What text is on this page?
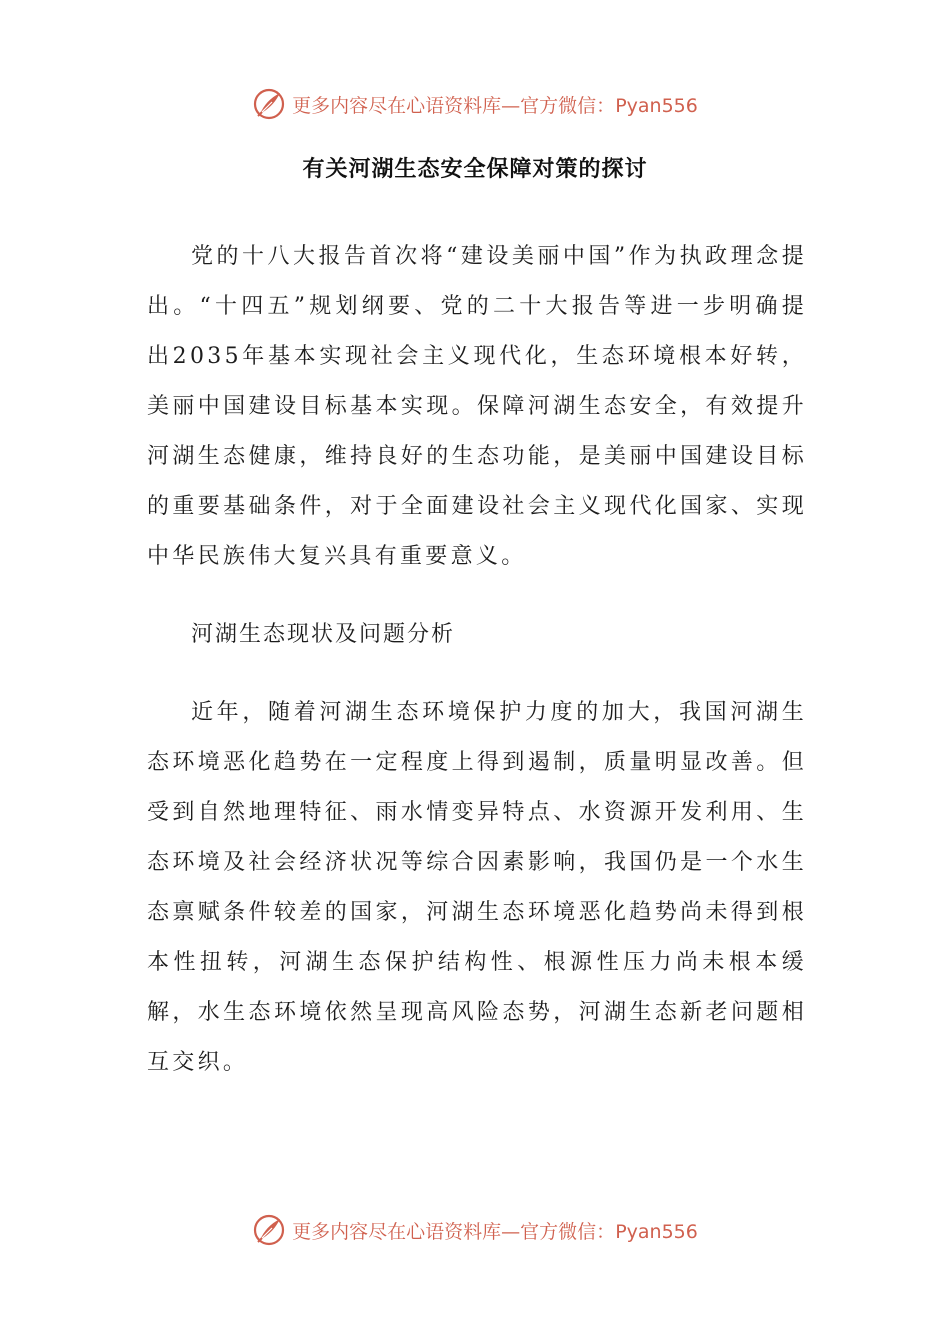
更多内容尽在心语资料库—官方微信：Pyan556
有关河湖生态安全保障对策的探讨

党的十八大报告首次将“建设美丽中国”作为执政理念提出。“十四五”规划纲要、党的二十大报告等进一步明确提出2035年基本实现社会主义现代化，生态环境根本好转，美丽中国建设目标基本实现。保障河湖生态安全，有效提升河湖生态健康，维持良好的生态功能，是美丽中国建设目标的重要基础条件，对于全面建设社会主义现代化国家、实现中华民族伟大复兴具有重要意义。

河湖生态现状及问题分析

近年，随着河湖生态环境保护力度的加大，我国河湖生态环境恶化趋势在一定程度上得到遏制，质量明显改善。但受到自然地理特征、雨水情变异特点、水资源开发利用、生态环境及社会经济状况等综合因素影响，我国仍是一个水生态禀赋条件较差的国家，河湖生态环境恶化趋势尚未得到根本性扭转，河湖生态保护结构性、根源性压力尚未根本缓解，水生态环境依然呈现高风险态势，河湖生态新老问题相互交织。

更多内容尽在心语资料库—官方微信：Pyan556
